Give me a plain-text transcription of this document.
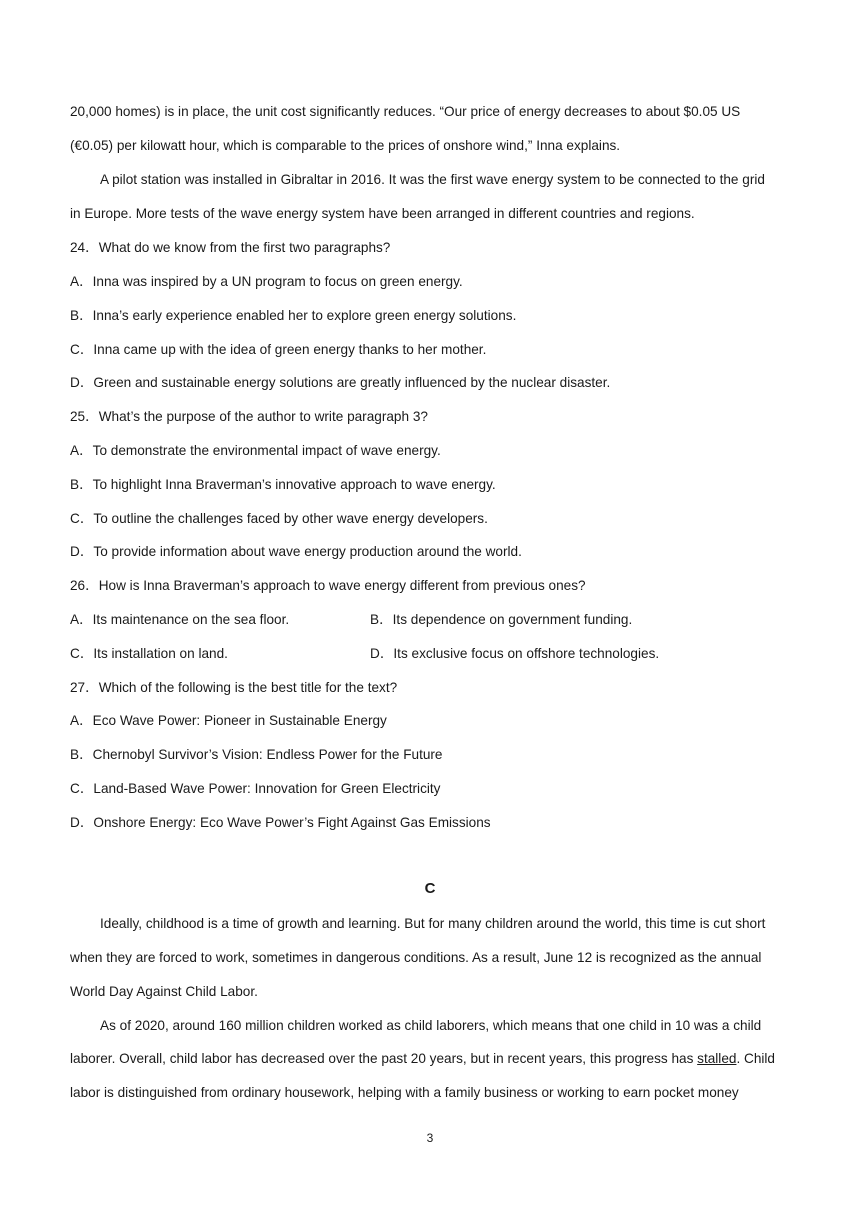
20,000 homes) is in place, the unit cost significantly reduces. “Our price of energy decreases to about $0.05 US
(€0.05) per kilowatt hour, which is comparable to the prices of onshore wind,” Inna explains.
A pilot station was installed in Gibraltar in 2016. It was the first wave energy system to be connected to the grid
in Europe. More tests of the wave energy system have been arranged in different countries and regions.
24．What do we know from the first two paragraphs?
A．Inna was inspired by a UN program to focus on green energy.
B．Inna’s early experience enabled her to explore green energy solutions.
C．Inna came up with the idea of green energy thanks to her mother.
D．Green and sustainable energy solutions are greatly influenced by the nuclear disaster.
25．What’s the purpose of the author to write paragraph 3?
A．To demonstrate the environmental impact of wave energy.
B．To highlight Inna Braverman’s innovative approach to wave energy.
C．To outline the challenges faced by other wave energy developers.
D．To provide information about wave energy production around the world.
26．How is Inna Braverman’s approach to wave energy different from previous ones?
A．Its maintenance on the sea floor.	B．Its dependence on government funding.
C．Its installation on land.	D．Its exclusive focus on offshore technologies.
27．Which of the following is the best title for the text?
A．Eco Wave Power: Pioneer in Sustainable Energy
B．Chernobyl Survivor’s Vision: Endless Power for the Future
C．Land-Based Wave Power: Innovation for Green Electricity
D．Onshore Energy: Eco Wave Power’s Fight Against Gas Emissions
C
Ideally, childhood is a time of growth and learning. But for many children around the world, this time is cut short
when they are forced to work, sometimes in dangerous conditions. As a result, June 12 is recognized as the annual
World Day Against Child Labor.
As of 2020, around 160 million children worked as child laborers, which means that one child in 10 was a child
laborer. Overall, child labor has decreased over the past 20 years, but in recent years, this progress has stalled. Child
labor is distinguished from ordinary housework, helping with a family business or working to earn pocket money
3
